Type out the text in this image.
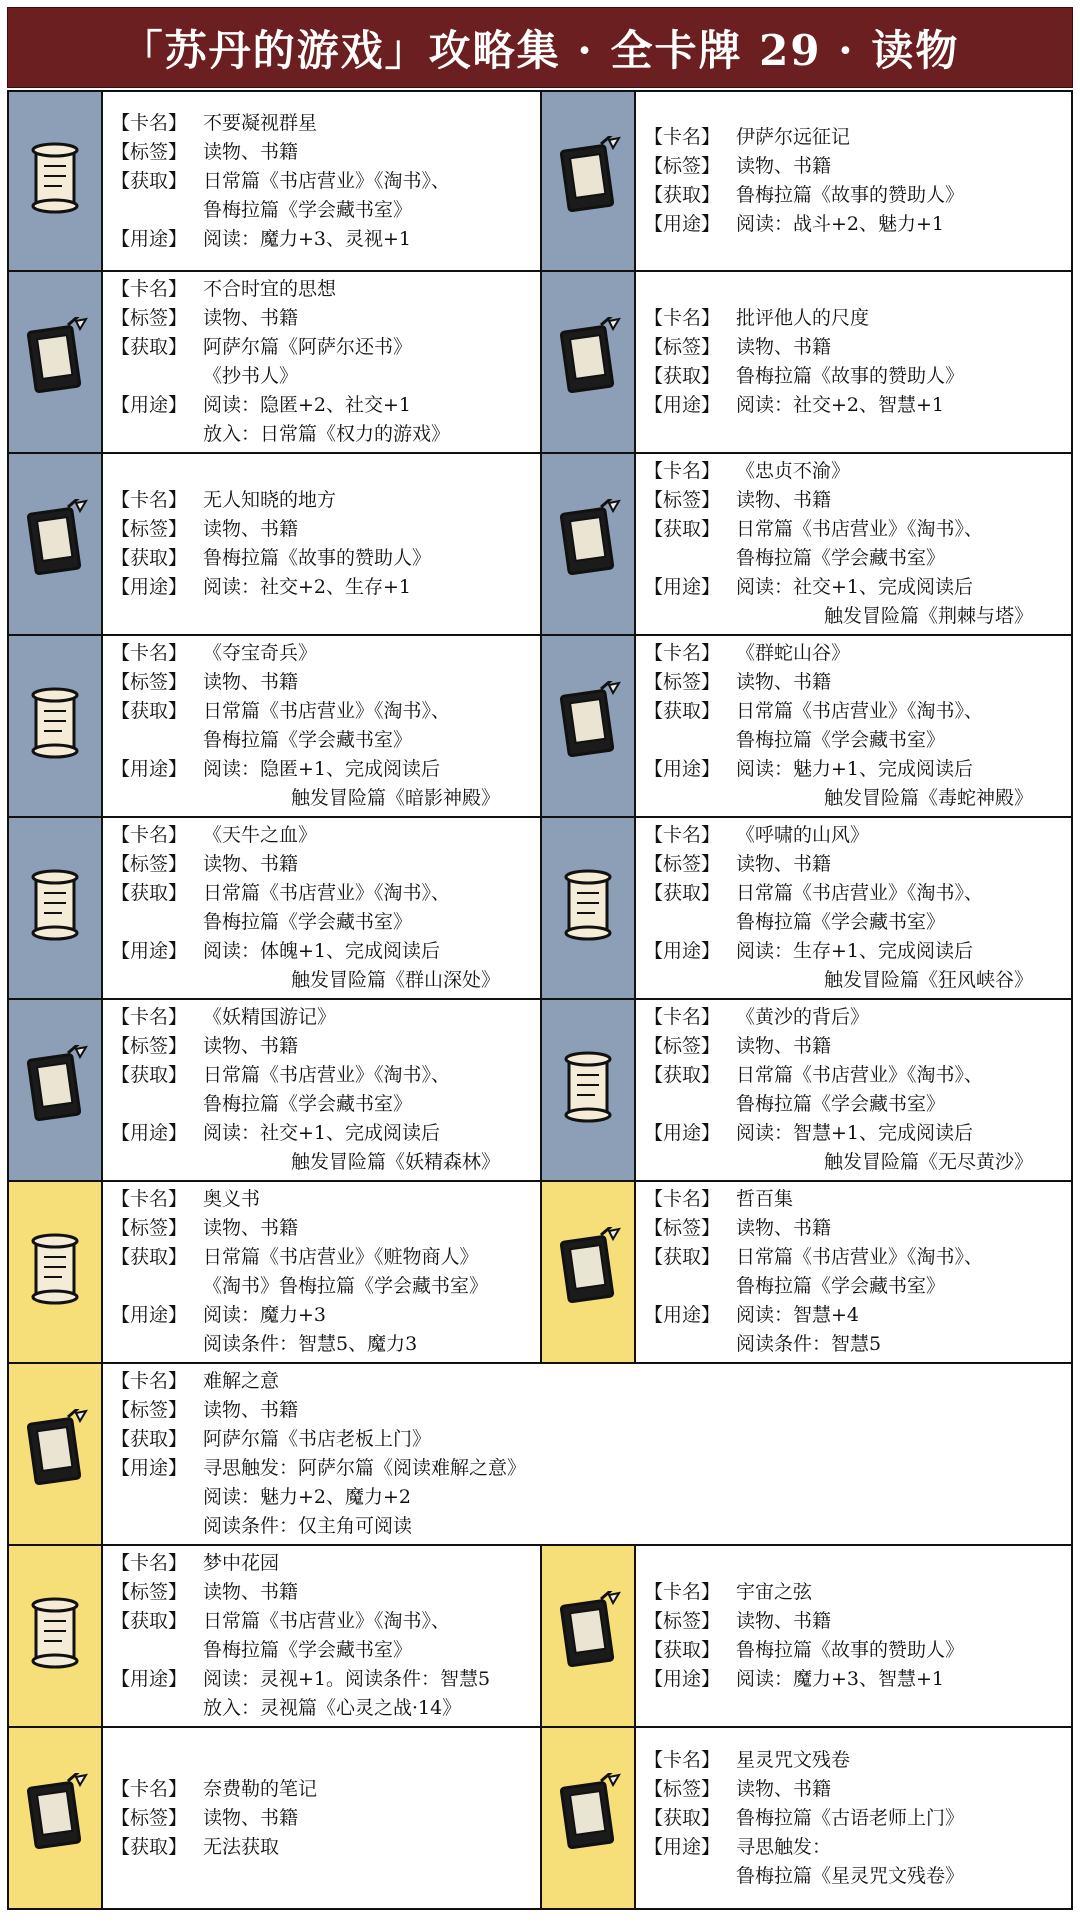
「苏丹的游戏」攻略集 · 全卡牌 29 · 读物
【卡名】 不要凝视群星
【标签】 读物、书籍
【获取】 日常篇《书店营业》《淘书》、
鲁梅拉篇《学会藏书室》
【用途】 阅读：魔力+3、灵视+1
【卡名】 伊萨尔远征记
【标签】 读物、书籍
【获取】 鲁梅拉篇《故事的赞助人》
【用途】 阅读：战斗+2、魅力+1
【卡名】 不合时宜的思想
【标签】 读物、书籍
【获取】 阿萨尔篇《阿萨尔还书》
《抄书人》
【用途】 阅读：隐匿+2、社交+1
放入：日常篇《权力的游戏》
【卡名】 批评他人的尺度
【标签】 读物、书籍
【获取】 鲁梅拉篇《故事的赞助人》
【用途】 阅读：社交+2、智慧+1
【卡名】 无人知晓的地方
【标签】 读物、书籍
【获取】 鲁梅拉篇《故事的赞助人》
【用途】 阅读：社交+2、生存+1
【卡名】 《忠贞不渝》
【标签】 读物、书籍
【获取】 日常篇《书店营业》《淘书》、
鲁梅拉篇《学会藏书室》
【用途】 阅读：社交+1、完成阅读后
触发冒险篇《荆棘与塔》
【卡名】 《夺宝奇兵》
【标签】 读物、书籍
【获取】 日常篇《书店营业》《淘书》、
鲁梅拉篇《学会藏书室》
【用途】 阅读：隐匿+1、完成阅读后
触发冒险篇《暗影神殿》
【卡名】 《群蛇山谷》
【标签】 读物、书籍
【获取】 日常篇《书店营业》《淘书》、
鲁梅拉篇《学会藏书室》
【用途】 阅读：魅力+1、完成阅读后
触发冒险篇《毒蛇神殿》
【卡名】 《天牛之血》
【标签】 读物、书籍
【获取】 日常篇《书店营业》《淘书》、
鲁梅拉篇《学会藏书室》
【用途】 阅读：体魄+1、完成阅读后
触发冒险篇《群山深处》
【卡名】 《呼啸的山风》
【标签】 读物、书籍
【获取】 日常篇《书店营业》《淘书》、
鲁梅拉篇《学会藏书室》
【用途】 阅读：生存+1、完成阅读后
触发冒险篇《狂风峡谷》
【卡名】 《妖精国游记》
【标签】 读物、书籍
【获取】 日常篇《书店营业》《淘书》、
鲁梅拉篇《学会藏书室》
【用途】 阅读：社交+1、完成阅读后
触发冒险篇《妖精森林》
【卡名】 《黄沙的背后》
【标签】 读物、书籍
【获取】 日常篇《书店营业》《淘书》、
鲁梅拉篇《学会藏书室》
【用途】 阅读：智慧+1、完成阅读后
触发冒险篇《无尽黄沙》
【卡名】 奥义书
【标签】 读物、书籍
【获取】 日常篇《书店营业》《赃物商人》
《淘书》鲁梅拉篇《学会藏书室》
【用途】 阅读：魔力+3
阅读条件：智慧5、魔力3
【卡名】 哲百集
【标签】 读物、书籍
【获取】 日常篇《书店营业》《淘书》、
鲁梅拉篇《学会藏书室》
【用途】 阅读：智慧+4
阅读条件：智慧5
【卡名】 难解之意
【标签】 读物、书籍
【获取】 阿萨尔篇《书店老板上门》
【用途】 寻思触发：阿萨尔篇《阅读难解之意》
阅读：魅力+2、魔力+2
阅读条件：仅主角可阅读
【卡名】 梦中花园
【标签】 读物、书籍
【获取】 日常篇《书店营业》《淘书》、
鲁梅拉篇《学会藏书室》
【用途】 阅读：灵视+1。阅读条件：智慧5
放入：灵视篇《心灵之战·14》
【卡名】 宇宙之弦
【标签】 读物、书籍
【获取】 鲁梅拉篇《故事的赞助人》
【用途】 阅读：魔力+3、智慧+1
【卡名】 奈费勒的笔记
【标签】 读物、书籍
【获取】 无法获取
【卡名】 星灵咒文残卷
【标签】 读物、书籍
【获取】 鲁梅拉篇《古语老师上门》
【用途】 寻思触发：
鲁梅拉篇《星灵咒文残卷》
